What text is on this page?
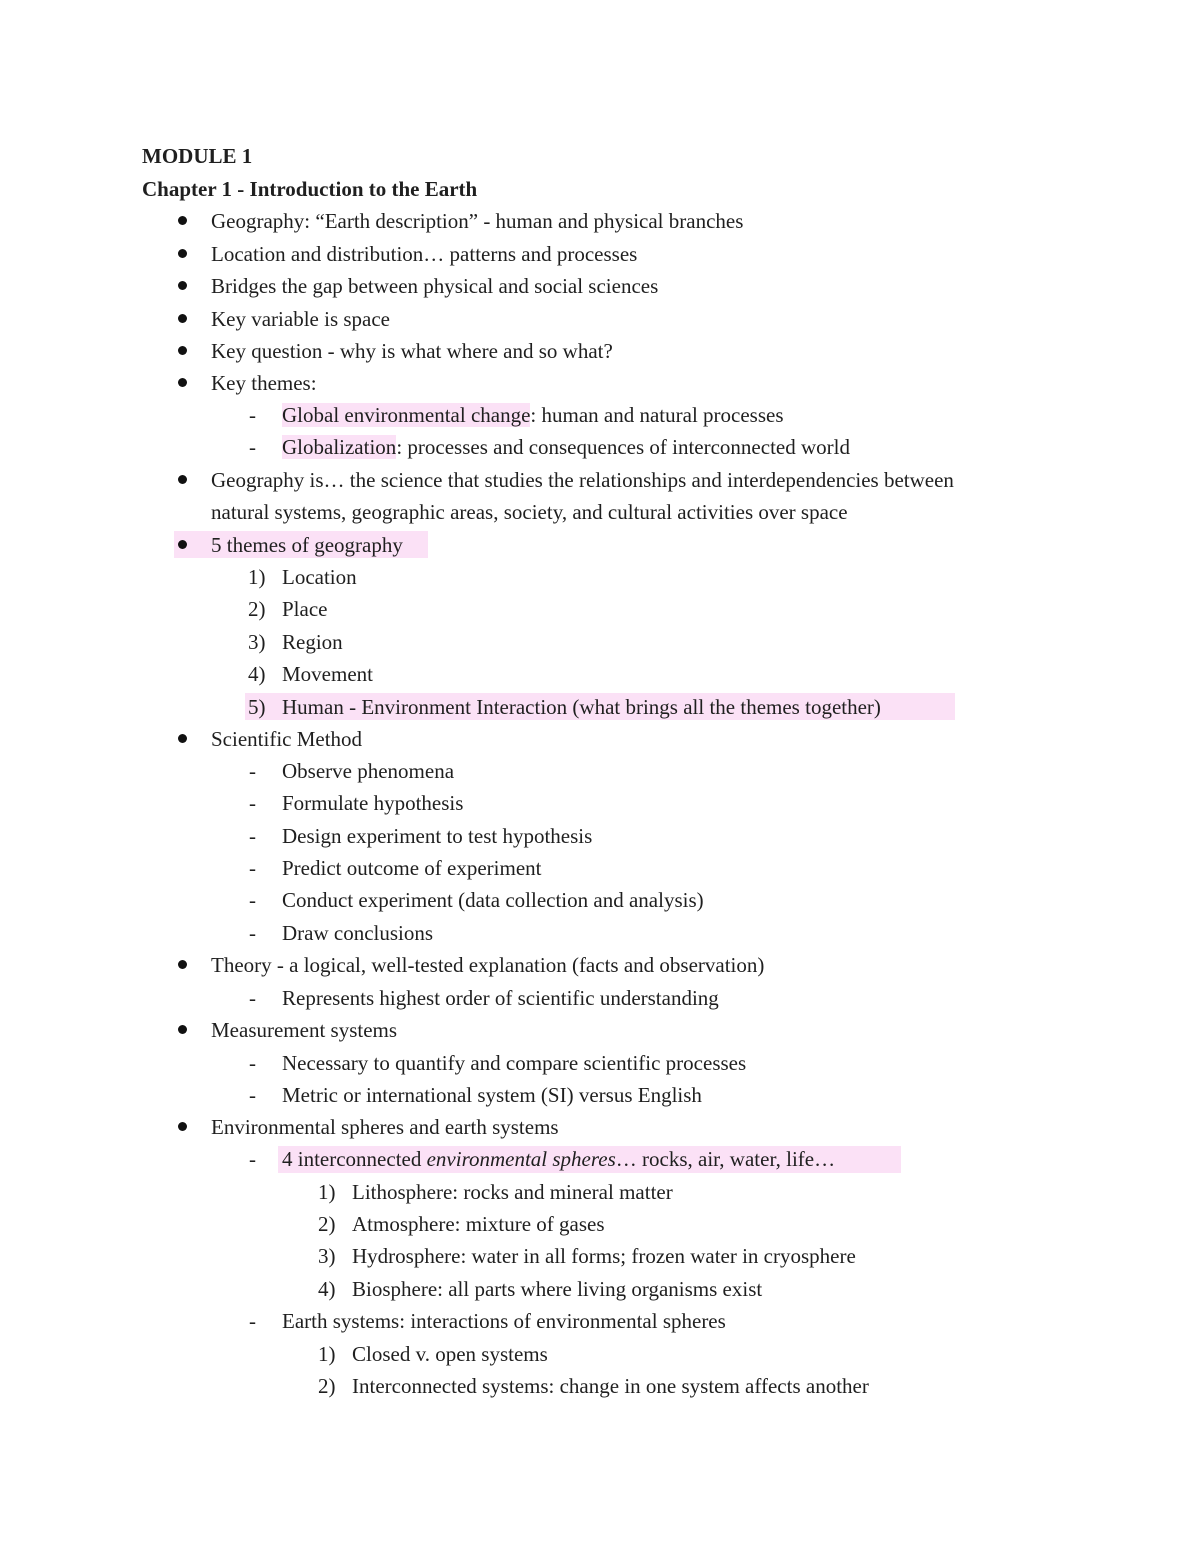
MODULE 1
Chapter 1 - Introduction to the Earth
Geography: “Earth description” - human and physical branches
Location and distribution… patterns and processes
Bridges the gap between physical and social sciences
Key variable is space
Key question - why is what where and so what?
Key themes:
- Global environmental change: human and natural processes
- Globalization: processes and consequences of interconnected world
Geography is… the science that studies the relationships and interdependencies between
natural systems, geographic areas, society, and cultural activities over space
5 themes of geography
1) Location
2) Place
3) Region
4) Movement
5) Human - Environment Interaction (what brings all the themes together)
Scientific Method
- Observe phenomena
- Formulate hypothesis
- Design experiment to test hypothesis
- Predict outcome of experiment
- Conduct experiment (data collection and analysis)
- Draw conclusions
Theory - a logical, well-tested explanation (facts and observation)
- Represents highest order of scientific understanding
Measurement systems
- Necessary to quantify and compare scientific processes
- Metric or international system (SI) versus English
Environmental spheres and earth systems
- 4 interconnected environmental spheres… rocks, air, water, life…
1) Lithosphere: rocks and mineral matter
2) Atmosphere: mixture of gases
3) Hydrosphere: water in all forms; frozen water in cryosphere
4) Biosphere: all parts where living organisms exist
- Earth systems: interactions of environmental spheres
1) Closed v. open systems
2) Interconnected systems: change in one system affects another
